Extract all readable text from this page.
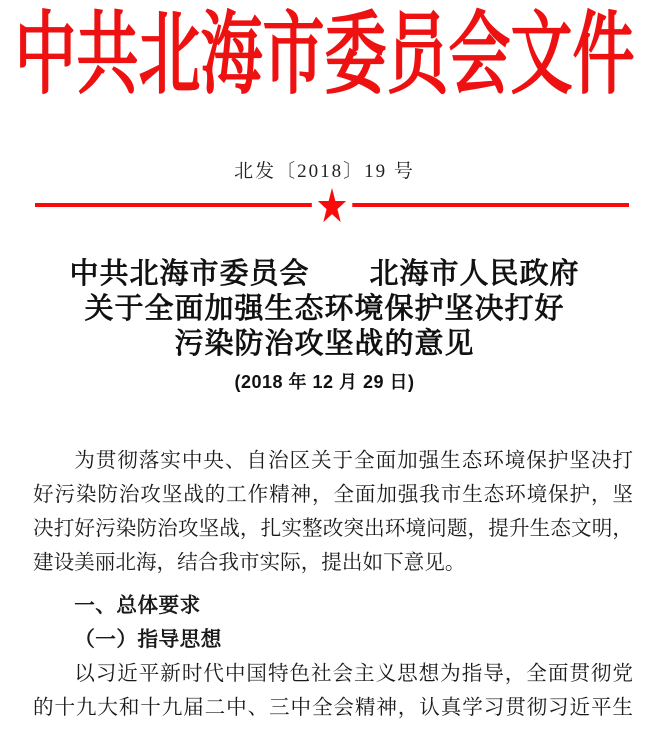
中共北海市委员会文件
北发〔2018〕19 号
★
中共北海市委员会　　北海市人民政府
关于全面加强生态环境保护坚决打好
污染防治攻坚战的意见
(2018 年 12 月 29 日)
为贯彻落实中央、自治区关于全面加强生态环境保护坚决打
好污染防治攻坚战的工作精神，全面加强我市生态环境保护，坚
决打好污染防治攻坚战，扎实整改突出环境问题，提升生态文明，
建设美丽北海，结合我市实际，提出如下意见。
一、总体要求
（一）指导思想
以习近平新时代中国特色社会主义思想为指导，全面贯彻党
的十九大和十九届二中、三中全会精神，认真学习贯彻习近平生
